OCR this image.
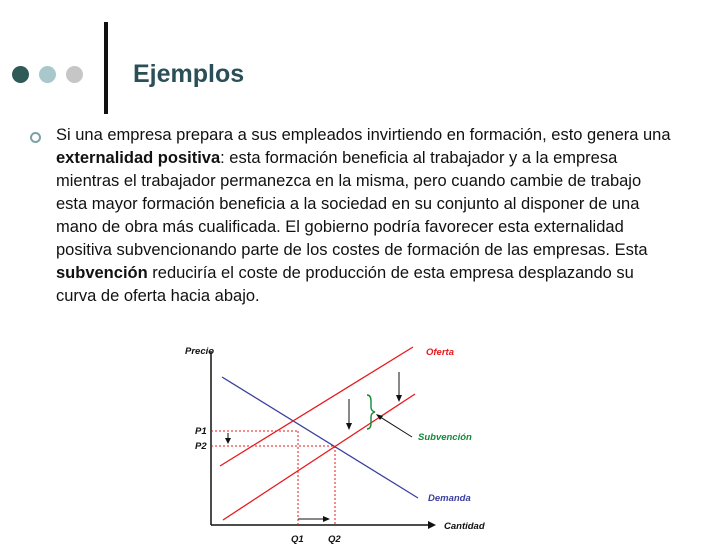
Ejemplos

Si una empresa prepara a sus empleados invirtiendo en formación, esto genera una externalidad positiva: esta formación beneficia al trabajador y a la empresa mientras el trabajador permanezca en la misma, pero cuando cambie de trabajo esta mayor formación beneficia a la sociedad en su conjunto al disponer de una mano de obra más cualificada. El gobierno podría favorecer esta externalidad positiva subvencionando parte de los costes de formación de las empresas. Esta subvención reduciría el coste de producción de esta empresa desplazando su curva de oferta hacia abajo.

Precio
Cantidad
Oferta
Demanda
Subvención
P1
P2
Q1	Q2
